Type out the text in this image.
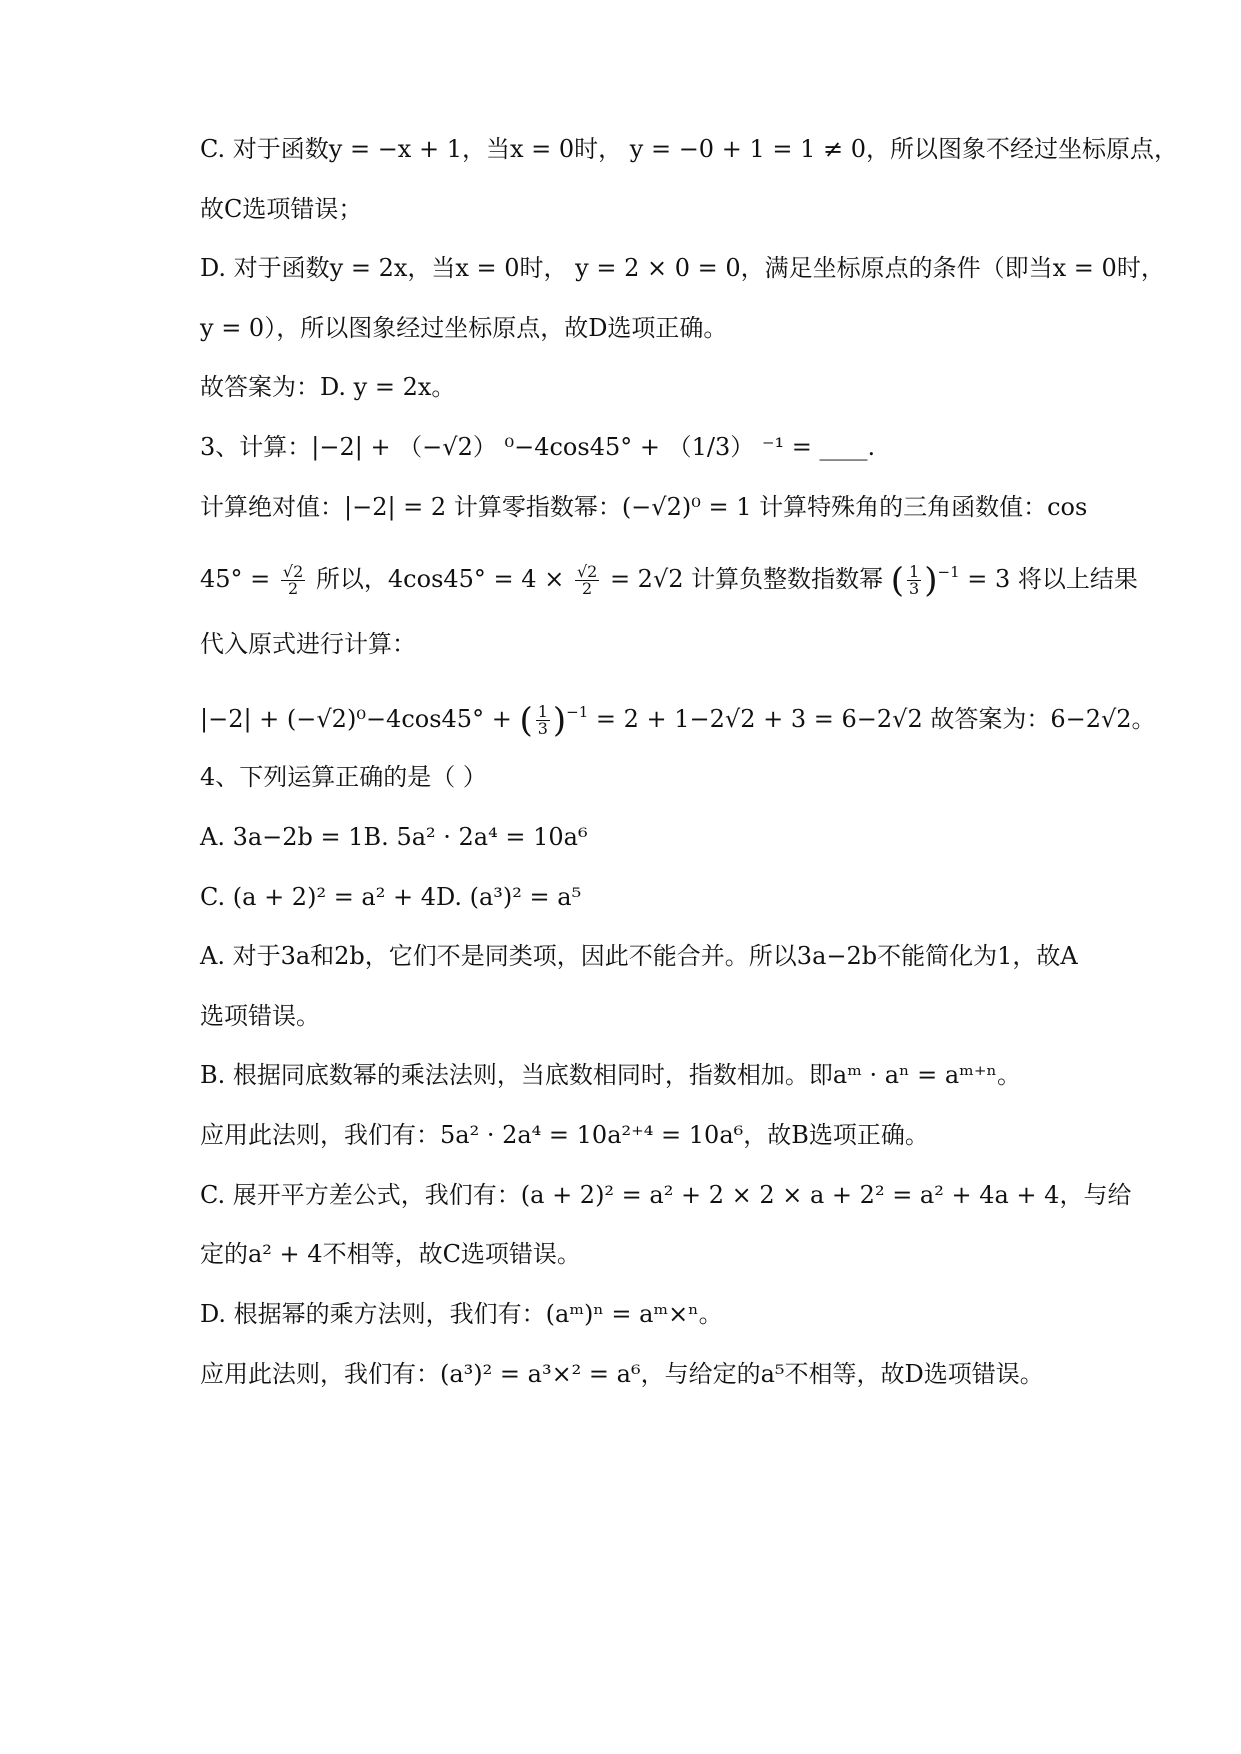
C. 对于函数y = −x + 1，当x = 0时， y = −0 + 1 = 1 ≠ 0，所以图象不经过坐标原点，
故C选项错误；
D. 对于函数y = 2x，当x = 0时， y = 2 × 0 = 0，满足坐标原点的条件（即当x = 0时，
y = 0），所以图象经过坐标原点，故D选项正确。
故答案为：D. y = 2x。
3、计算：|−2| + （−√2） ⁰−4cos45° + （1/3） ⁻¹ = ____.
计算绝对值：|−2| = 2 计算零指数幂：(−√2)⁰ = 1 计算特殊角的三角函数值：cos
$45^\circ = \frac{√2}{2}$ 所以，$4\cos 45^\circ = 4 \times \frac{√2}{2} = 2√2$ 计算负整数指数幂 ( $\frac{1}{3} )^{-1} = 3$ 将以上结果
代入原式进行计算：
|−2| + (−√2)⁰−4cos45° + ( $\frac{1}{3} )^{-1} = 2 + 1-2√2 + 3 = 6-2√2$ 故答案为：6−2√2。
4、下列运算正确的是（ ）
A. 3a−2b = 1B. 5a² · 2a⁴ = 10a⁶
C. (a + 2)² = a² + 4D. (a³)² = a⁵
A. 对于3a和2b，它们不是同类项，因此不能合并。所以3a−2b不能简化为1，故A
选项错误。
B. 根据同底数幂的乘法法则，当底数相同时，指数相加。即aᵐ · aⁿ = aᵐ⁺ⁿ。
应用此法则，我们有：5a² · 2a⁴ = 10a²⁺⁴ = 10a⁶，故B选项正确。
C. 展开平方差公式，我们有：(a + 2)² = a² + 2 × 2 × a + 2² = a² + 4a + 4，与给
定的a² + 4不相等，故C选项错误。
D. 根据幂的乘方法则，我们有：(aᵐ)ⁿ = aᵐ×ⁿ。
应用此法则，我们有：(a³)² = a³×² = a⁶，与给定的a⁵不相等，故D选项错误。
